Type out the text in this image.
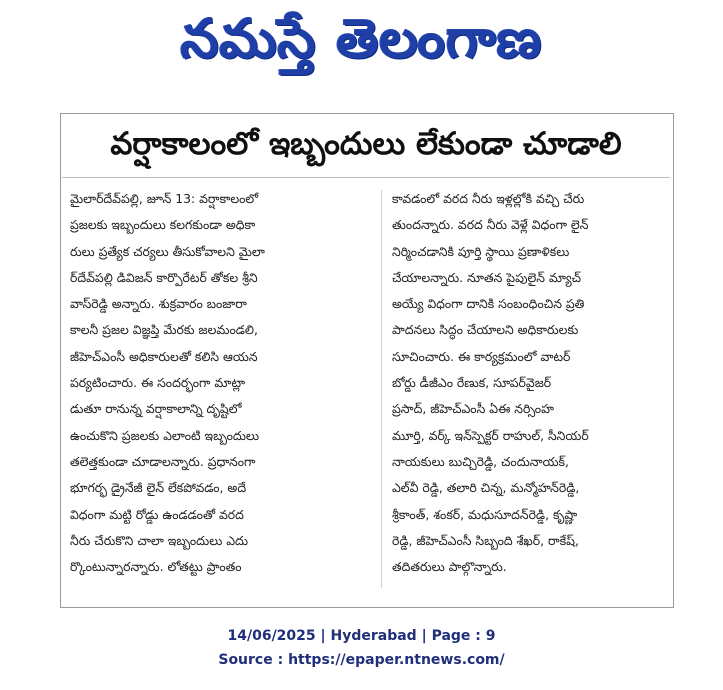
నమస్తే తెలంగాణ
వర్షాకాలంలో ఇబ్బందులు లేకుండా చూడాలి
మైలార్‌దేవ్‌పల్లి, జూన్ 13: వర్షాకాలంలో
ప్రజలకు ఇబ్బందులు కలగకుండా అధికా
రులు ప్రత్యేక చర్యలు తీసుకోవాలని మైలా
ర్‌దేవ్‌పల్లి డివిజన్ కార్పొరేటర్ తోకల శ్రీని
వాస్‌రెడ్డి అన్నారు. శుక్రవారం బంజారా
కాలనీ ప్రజల విజ్ఞప్తి మేరకు జలమండలి,
జీహెచ్‌ఎంసీ అధికారులతో కలిసి ఆయన
పర్యటించారు. ఈ సందర్భంగా మాట్లా
డుతూ రానున్న వర్షాకాలాన్ని దృష్టిలో
ఉంచుకొని ప్రజలకు ఎలాంటి ఇబ్బందులు
తలెత్తకుండా చూడాలన్నారు. ప్రధానంగా
భూగర్భ డ్రైనేజీ లైన్ లేకపోవడం, అదే
విధంగా మట్టి రోడ్డు ఉండడంతో వరద
నీరు చేరుకొని చాలా ఇబ్బందులు ఎదు
ర్కొంటున్నారన్నారు. లోతట్టు ప్రాంతం
కావడంలో వరద నీరు ఇళ్లల్లోకి వచ్చి చేరు
తుందన్నారు. వరద నీరు వెళ్లే విధంగా లైన్
నిర్మించడానికి పూర్తి స్థాయి ప్రణాళికలు
చేయాలన్నారు. నూతన పైపులైన్ మ్యాచ్
అయ్యే విధంగా దానికి సంబంధించిన ప్రతి
పాదనలు సిద్ధం చేయాలని అధికారులకు
సూచించారు. ఈ కార్యక్రమంలో వాటర్
బోర్డు డీజీఎం రేణుక, సూపర్‌వైజర్
ప్రసాద్, జీహెచ్‌ఎంసీ ఏఈ నర్సింహ
మూర్తి, వర్క్ ఇన్‌స్పెక్టర్ రాహుల్, సీనియర్
నాయకులు బుచ్చిరెడ్డి, చందునాయక్,
ఎల్‌వీ రెడ్డి, తలారి చిన్న, మన్మోహన్‌రెడ్డి,
శ్రీకాంత్, శంకర్, మధుసూదన్‌రెడ్డి, కృష్ణా
రెడ్డి, జీహెచ్‌ఎంసీ సిబ్బంది శేఖర్, రాకేష్,
తదితరులు పాల్గొన్నారు.
14/06/2025 | Hyderabad | Page : 9
Source : https://epaper.ntnews.com/
